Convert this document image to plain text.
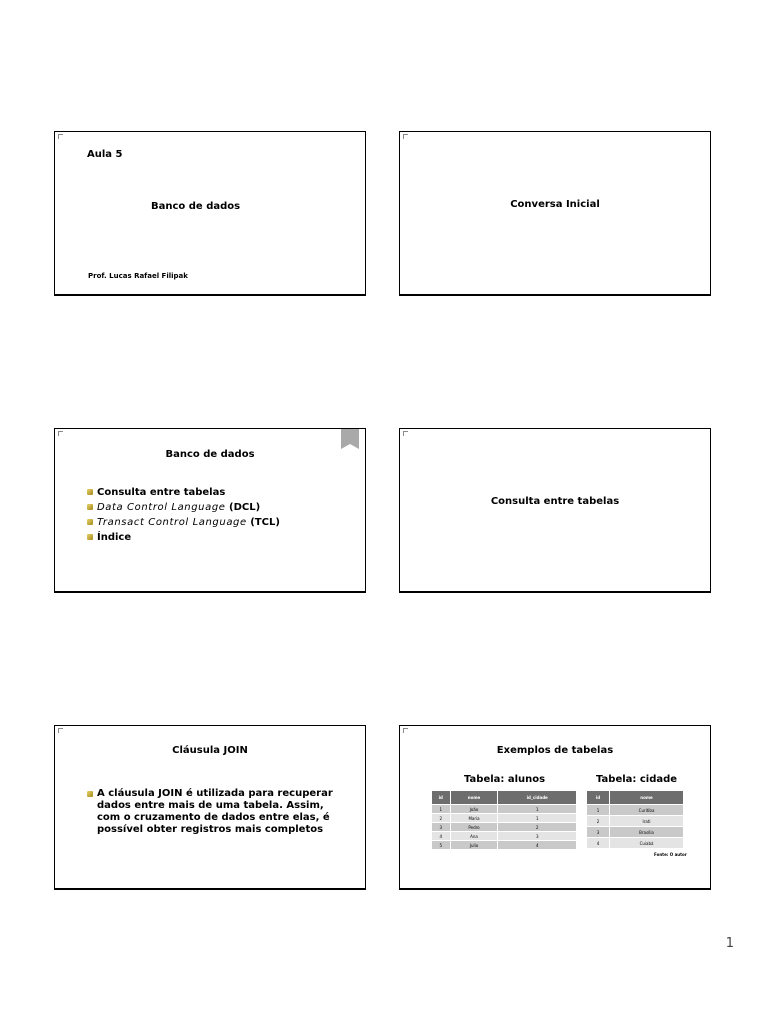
Aula 5
Banco de dados
Prof. Lucas Rafael Filipak
Conversa Inicial
Banco de dados
Consulta entre tabelas
Data Control Language (DCL)
Transact Control Language (TCL)
Índice
Consulta entre tabelas
Cláusula JOIN
A cláusula JOIN é utilizada para recuperar dados entre mais de uma tabela. Assim, com o cruzamento de dados entre elas, é possível obter registros mais completos
Exemplos de tabelas
Tabela: alunos	Tabela: cidade
id	nome	id_cidade
1	João	1
2	Maria	1
3	Pedro	2
4	Ana	3
5	Julio	4
id	nome
1	Curitiba
2	Irati
3	Brasília
4	Cuiabá
Fonte: O autor
1
